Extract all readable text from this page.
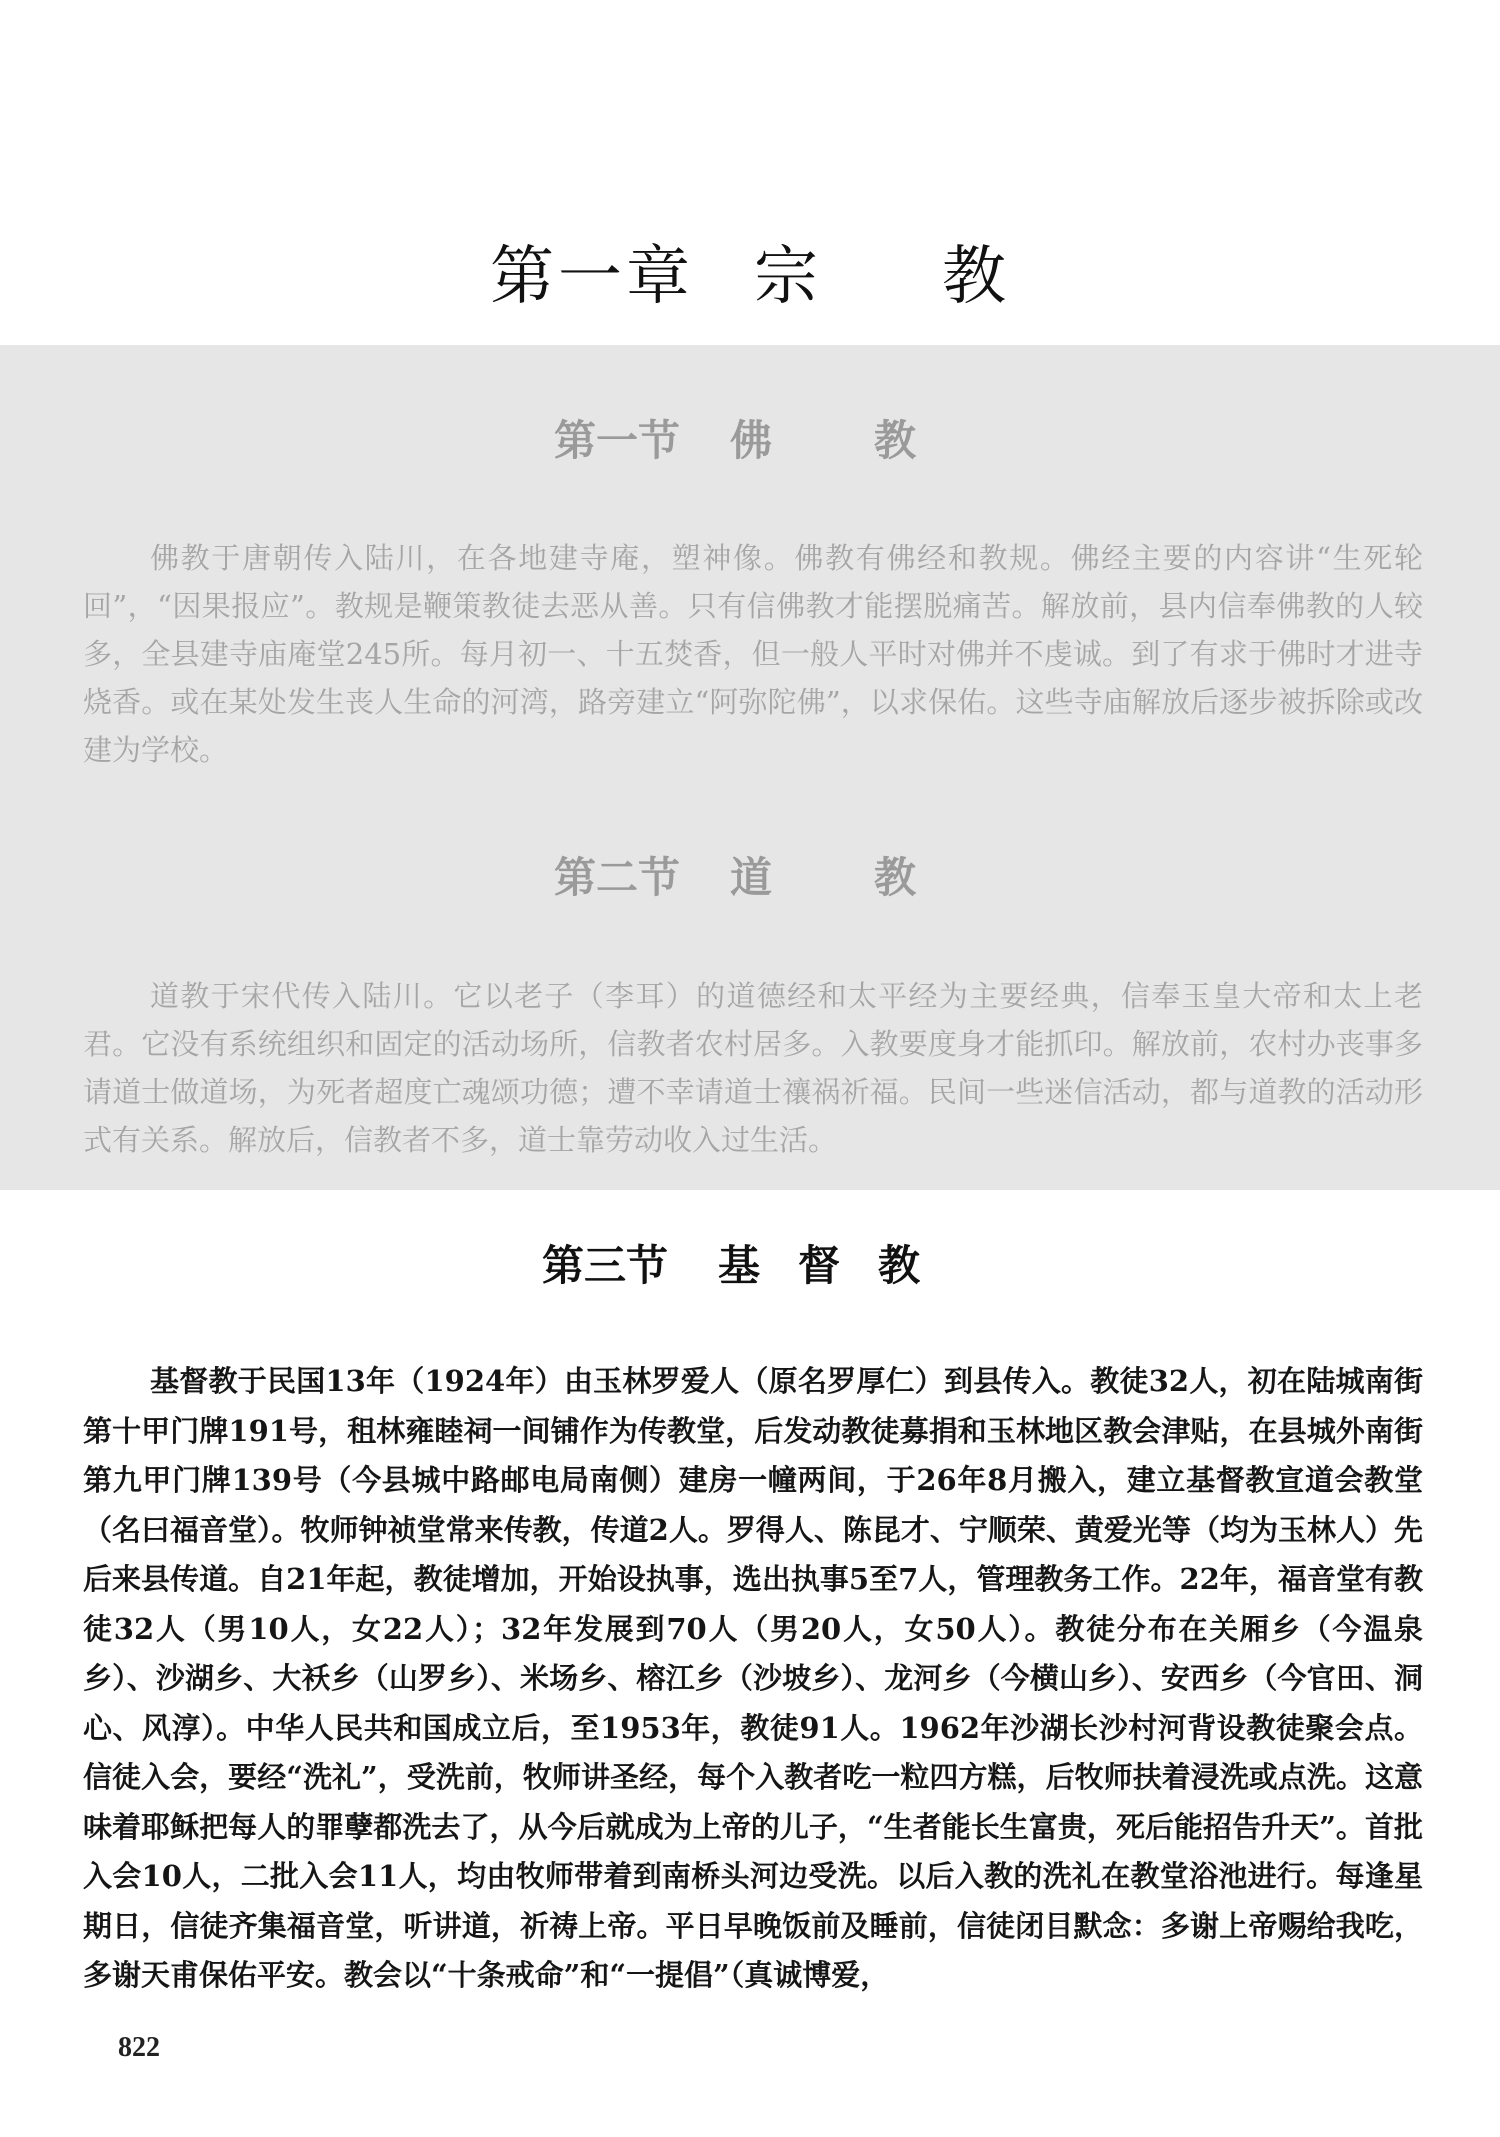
第一章 宗 教
第一节 佛　教

佛教于唐朝传入陆川，在各地建寺庵，塑神像。佛教有佛经和教规。佛经主要的内容讲“生死轮回”，“因果报应”。教规是鞭策教徒去恶从善。只有信佛教才能摆脱痛苦。解放前，县内信奉佛教的人较多，全县建寺庙庵堂245所。每月初一、十五焚香，但一般人平时对佛并不虔诚。到了有求于佛时才进寺烧香。或在某处发生丧人生命的河湾，路旁建立“阿弥陀佛”，以求保佑。这些寺庙解放后逐步被拆除或改建为学校。

第二节 道　教

道教于宋代传入陆川。它以老子（李耳）的道德经和太平经为主要经典，信奉玉皇大帝和太上老君。它没有系统组织和固定的活动场所，信教者农村居多。入教要度身才能抓印。解放前，农村办丧事多请道士做道场，为死者超度亡魂颂功德；遭不幸请道士禳祸祈福。民间一些迷信活动，都与道教的活动形式有关系。解放后，信教者不多，道士靠劳动收入过生活。

第三节 基督教

基督教于民国13年（1924年）由玉林罗爱人（原名罗厚仁）到县传入。教徒32人，初在陆城南街第十甲门牌191号，租林雍睦祠一间铺作为传教堂，后发动教徒募捐和玉林地区教会津贴，在县城外南街第九甲门牌139号（今县城中路邮电局南侧）建房一幢两间，于26年8月搬入，建立基督教宣道会教堂（名曰福音堂）。牧师钟祯堂常来传教，传道2人。罗得人、陈昆才、宁顺荣、黄爱光等（均为玉林人）先后来县传道。自21年起，教徒增加，开始设执事，选出执事5至7人，管理教务工作。22年，福音堂有教徒32人（男10人，女22人）；32年发展到70人（男20人，女50人）。教徒分布在关厢乡（今温泉乡）、沙湖乡、大袄乡（山罗乡）、米场乡、榕江乡（沙坡乡）、龙河乡（今横山乡）、安西乡（今官田、洞心、风淳）。中华人民共和国成立后，至1953年，教徒91人。1962年沙湖长沙村河背设教徒聚会点。信徒入会，要经“洗礼”，受洗前，牧师讲圣经，每个入教者吃一粒四方糕，后牧师扶着浸洗或点洗。这意味着耶稣把每人的罪孽都洗去了，从今后就成为上帝的儿子，“生者能长生富贵，死后能招告升天”。首批入会10人，二批入会11人，均由牧师带着到南桥头河边受洗。以后入教的洗礼在教堂浴池进行。每逢星期日，信徒齐集福音堂，听讲道，祈祷上帝。平日早晚饭前及睡前，信徒闭目默念：多谢上帝赐给我吃，多谢天甫保佑平安。教会以“十条戒命”和“一提倡”（真诚博爱，

822
